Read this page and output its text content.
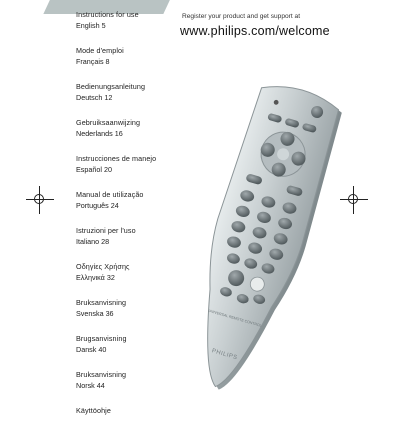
Instructions for use
English 5
Mode d'emploi
Français 8
Bedienungsanleitung
Deutsch 12
Gebruiksaanwijzing
Nederlands 16
Instrucciones de manejo
Español 20
Manual de utilização
Português 24
Istruzioni per l'uso
Italiano 28
Οδηγίες Χρήσης
Ελληνικά 32
Bruksanvisning
Svenska 36
Brugsanvisning
Dansk 40
Bruksanvisning
Norsk 44
Käyttöohje
Register your product and get support at
www.philips.com/welcome
UNIVERSAL REMOTE CONTROL
PHILIPS
